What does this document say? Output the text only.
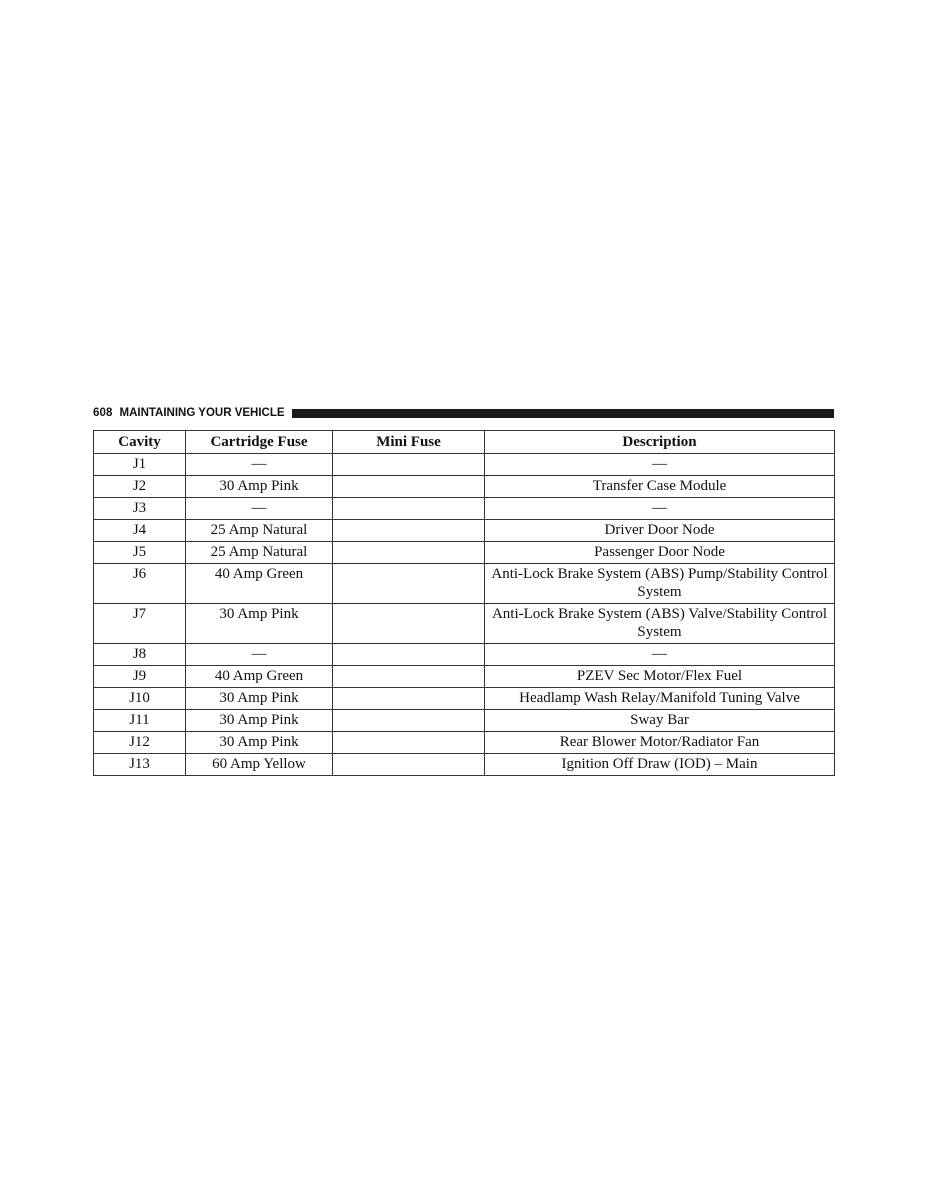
608 MAINTAINING YOUR VEHICLE
Cavity	Cartridge Fuse	Mini Fuse	Description
J1	—		—
J2	30 Amp Pink		Transfer Case Module
J3	—		—
J4	25 Amp Natural		Driver Door Node
J5	25 Amp Natural		Passenger Door Node
J6	40 Amp Green		Anti-Lock Brake System (ABS) Pump/Stability Control System
J7	30 Amp Pink		Anti-Lock Brake System (ABS) Valve/Stability Control System
J8	—		—
J9	40 Amp Green		PZEV Sec Motor/Flex Fuel
J10	30 Amp Pink		Headlamp Wash Relay/Manifold Tuning Valve
J11	30 Amp Pink		Sway Bar
J12	30 Amp Pink		Rear Blower Motor/Radiator Fan
J13	60 Amp Yellow		Ignition Off Draw (IOD) – Main
